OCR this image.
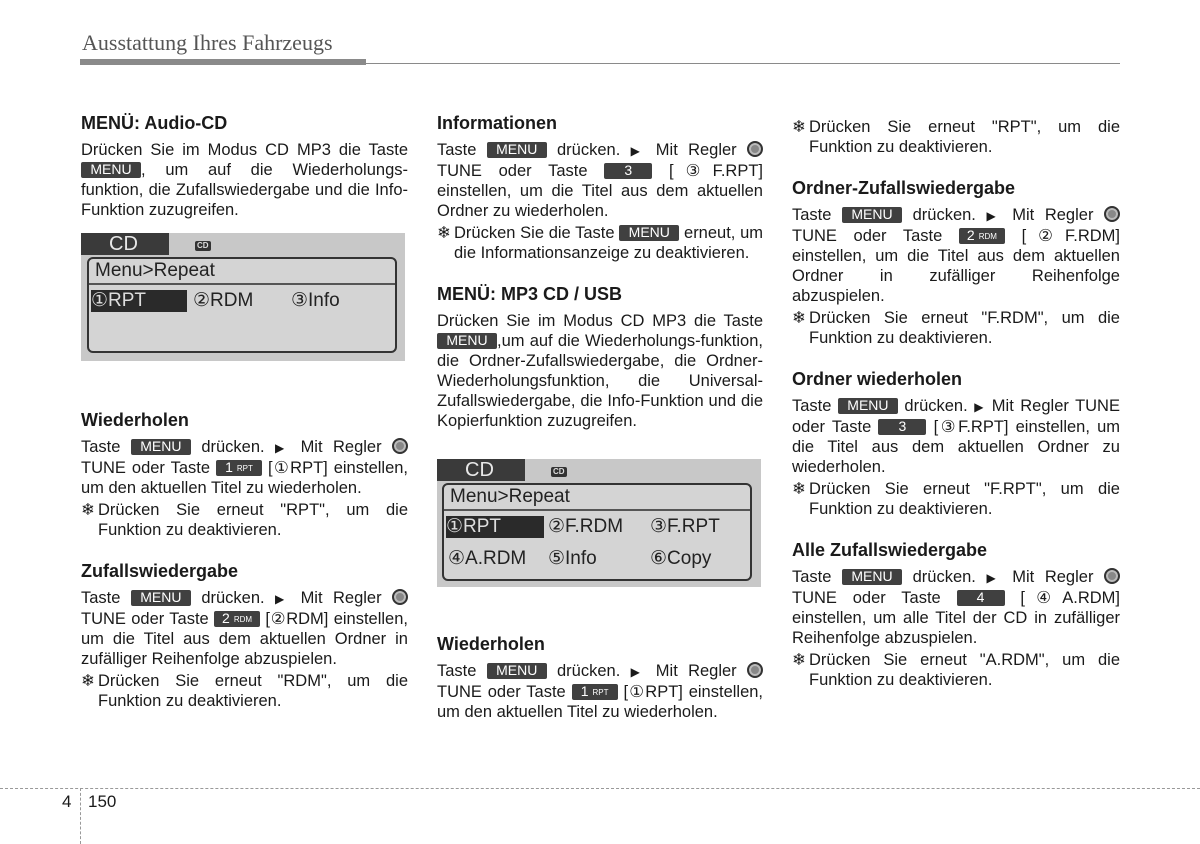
Ausstattung Ihres Fahrzeugs
MENÜ: Audio-CD

Drücken Sie im Modus CD MP3 die Taste MENU , um auf die Wiederholungs-funktion, die Zufallswiedergabe und die Info-Funktion zuzugreifen.

CD	CD
Menu>Repeat
①RPT	②RDM ③Info
Wiederholen

Taste MENU drücken. ▶ Mit Regler  TUNE oder Taste 1 $_{RPT}$ [①RPT] einstellen, um den aktuellen Titel zu wiederholen.

❄ Drücken Sie erneut "RPT", um die Funktion zu deaktivieren.
Zufallswiedergabe

Taste MENU drücken. ▶ Mit Regler  TUNE oder Taste 2 $_{RDM}$ [②RDM] einstellen, um die Titel aus dem aktuellen Ordner in zufälliger Reihenfolge abzuspielen.

❄ Drücken Sie erneut "RDM", um die Funktion zu deaktivieren.
Informationen

Taste MENU drücken. ▶ Mit Regler  TUNE oder Taste	3 [③F.RPT] einstellen, um die Titel aus dem aktuellen Ordner zu wiederholen.

❄ Drücken Sie die Taste MENU erneut, um die Informationsanzeige zu deaktivieren.
MENÜ: MP3 CD / USB

Drücken Sie im Modus CD MP3 die Taste MENU ,um auf die Wiederholungs-funktion, die Ordner-Zufallswiedergabe, die Ordner-Wiederholungsfunktion, die Universal-Zufallswiedergabe, die Info-Funktion und die Kopierfunktion zuzugreifen.

CD	CD
Menu>Repeat
①RPT	②F.RDM ③F.RPT
④A.RDM ⑤Info	⑥Copy
Wiederholen

Taste MENU drücken. ▶ Mit Regler  TUNE oder Taste 1 $_{RPT}$ [①RPT] einstellen, um den aktuellen Titel zu wiederholen.

❄ Drücken Sie erneut "RPT", um die Funktion zu deaktivieren.
Ordner-Zufallswiedergabe

Taste MENU drücken. ▶ Mit Regler  TUNE oder Taste 2 $_{RDM}$ [②F.RDM] einstellen, um die Titel aus dem aktuellen Ordner in zufälliger Reihenfolge abzuspielen.

❄ Drücken Sie erneut "F.RDM", um die Funktion zu deaktivieren.
Ordner wiederholen

Taste MENU drücken. ▶ Mit Regler TUNE oder Taste 3 [③F.RPT] einstellen, um die Titel aus dem aktuellen Ordner zu wiederholen.

❄ Drücken Sie erneut "F.RPT", um die Funktion zu deaktivieren.
Alle Zufallswiedergabe

Taste MENU drücken. ▶ Mit Regler  TUNE oder Taste	4 [④A.RDM] einstellen, um alle Titel der CD in zufälliger Reihenfolge abzuspielen.

❄ Drücken Sie erneut "A.RDM", um die Funktion zu deaktivieren.
4 150
